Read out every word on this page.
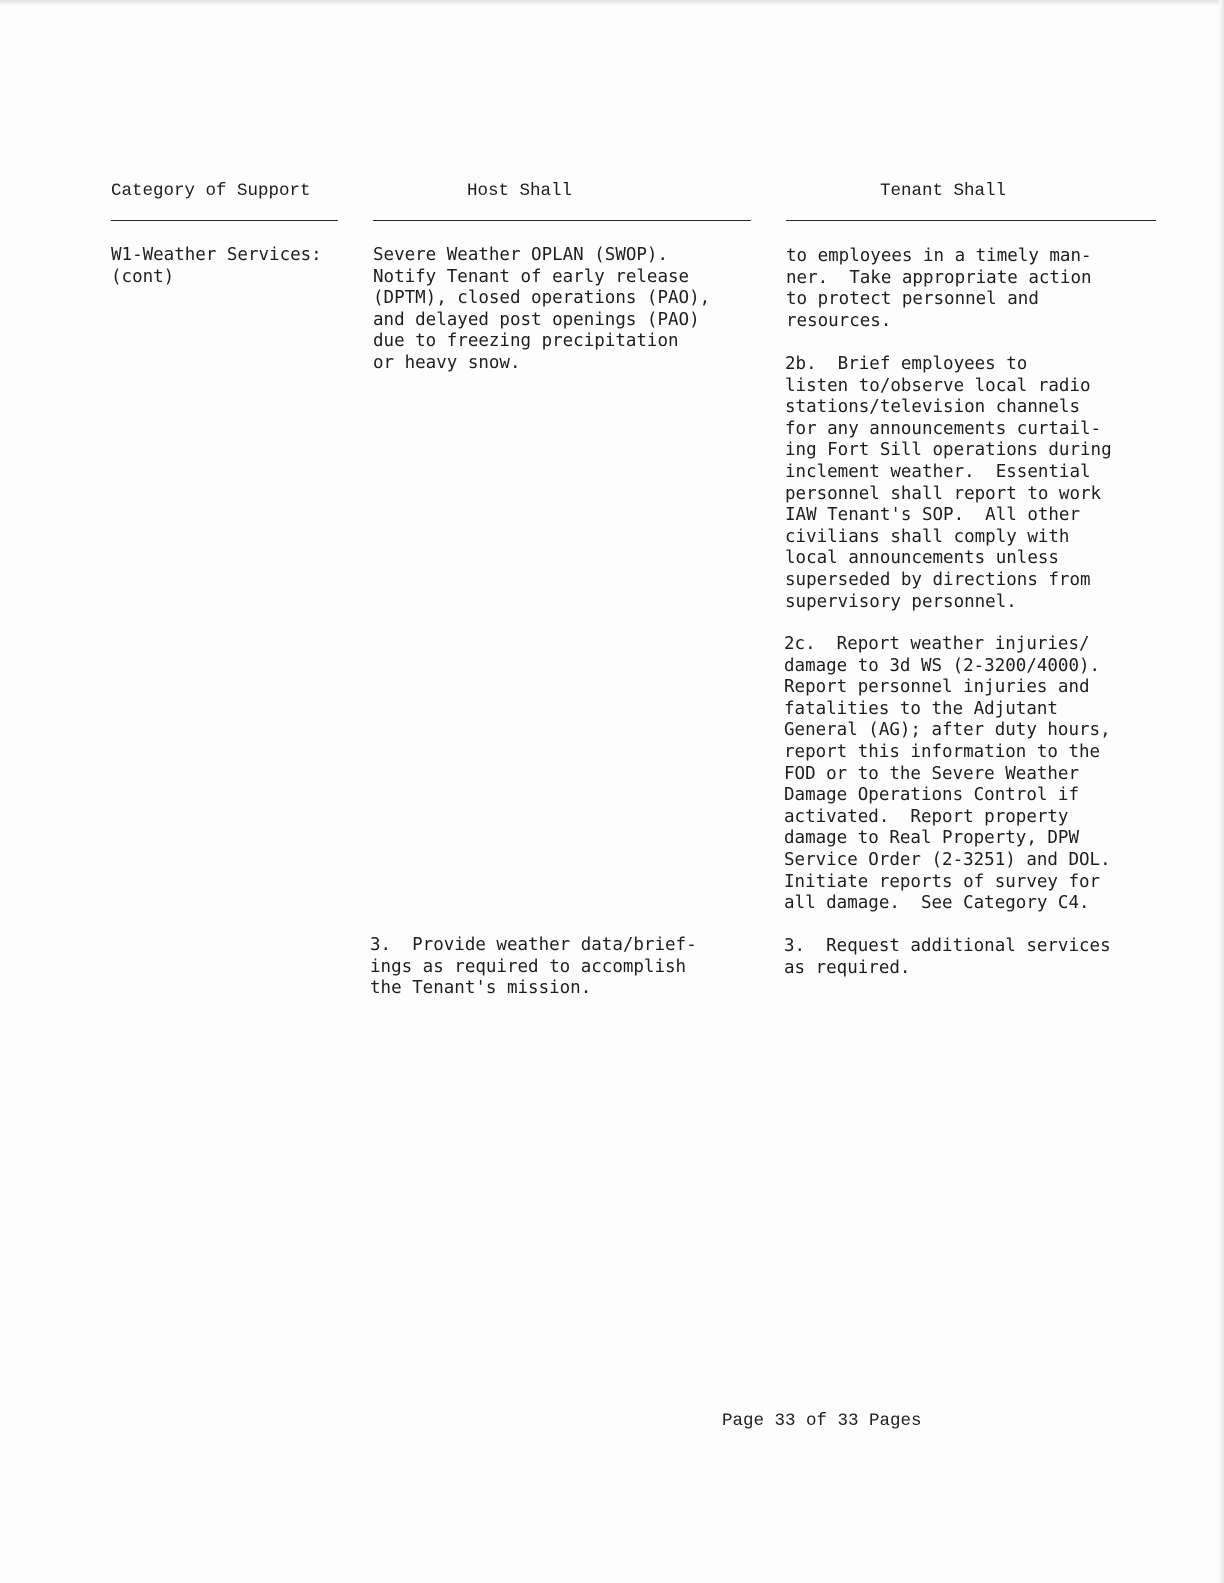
Category of Support	Host Shall	Tenant Shall
W1-Weather Services:
(cont)
Severe Weather OPLAN (SWOP).
Notify Tenant of early release
(DPTM), closed operations (PAO),
and delayed post openings (PAO)
due to freezing precipitation
or heavy snow.
3.  Provide weather data/brief-
ings as required to accomplish
the Tenant's mission.
to employees in a timely man-
ner.  Take appropriate action
to protect personnel and
resources.
2b.  Brief employees to
listen to/observe local radio
stations/television channels
for any announcements curtail-
ing Fort Sill operations during
inclement weather.  Essential
personnel shall report to work
IAW Tenant's SOP.  All other
civilians shall comply with
local announcements unless
superseded by directions from
supervisory personnel.
2c.  Report weather injuries/
damage to 3d WS (2-3200/4000).
Report personnel injuries and
fatalities to the Adjutant
General (AG); after duty hours,
report this information to the
FOD or to the Severe Weather
Damage Operations Control if
activated.  Report property
damage to Real Property, DPW
Service Order (2-3251) and DOL.
Initiate reports of survey for
all damage.  See Category C4.
3.  Request additional services
as required.
Page 33 of 33 Pages
